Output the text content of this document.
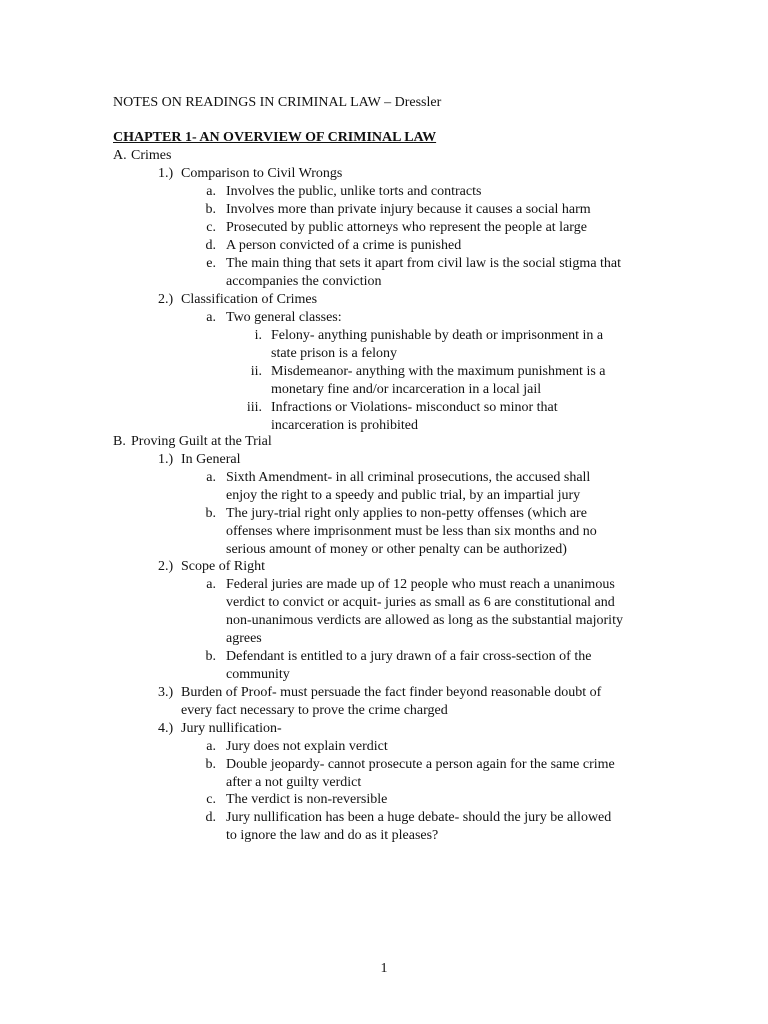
NOTES ON READINGS IN CRIMINAL LAW – Dressler
CHAPTER 1- AN OVERVIEW OF CRIMINAL LAW
A. Crimes
1.) Comparison to Civil Wrongs
a. Involves the public, unlike torts and contracts
b. Involves more than private injury because it causes a social harm
c. Prosecuted by public attorneys who represent the people at large
d. A person convicted of a crime is punished
e. The main thing that sets it apart from civil law is the social stigma that
accompanies the conviction
2.) Classification of Crimes
a. Two general classes:
i. Felony- anything punishable by death or imprisonment in a
state prison is a felony
ii. Misdemeanor- anything with the maximum punishment is a
monetary fine and/or incarceration in a local jail
iii. Infractions or Violations- misconduct so minor that
incarceration is prohibited
B. Proving Guilt at the Trial
1.) In General
a. Sixth Amendment- in all criminal prosecutions, the accused shall
enjoy the right to a speedy and public trial, by an impartial jury
b. The jury-trial right only applies to non-petty offenses (which are
offenses where imprisonment must be less than six months and no
serious amount of money or other penalty can be authorized)
2.) Scope of Right
a. Federal juries are made up of 12 people who must reach a unanimous
verdict to convict or acquit- juries as small as 6 are constitutional and
non-unanimous verdicts are allowed as long as the substantial majority
agrees
b. Defendant is entitled to a jury drawn of a fair cross-section of the
community
3.) Burden of Proof- must persuade the fact finder beyond reasonable doubt of
every fact necessary to prove the crime charged
4.) Jury nullification-
a. Jury does not explain verdict
b. Double jeopardy- cannot prosecute a person again for the same crime
after a not guilty verdict
c. The verdict is non-reversible
d. Jury nullification has been a huge debate- should the jury be allowed
to ignore the law and do as it pleases?
1
